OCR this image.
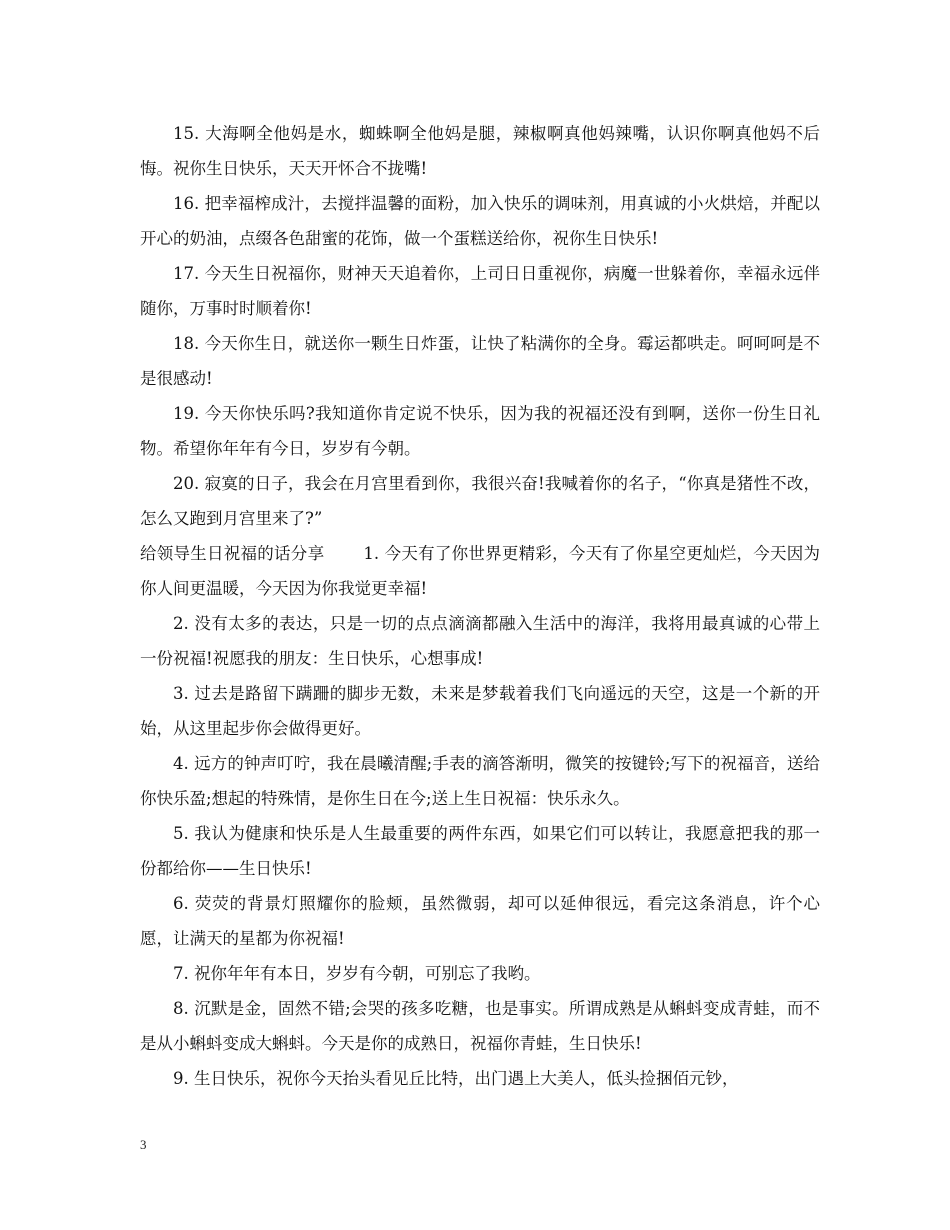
15. 大海啊全他妈是水，蜘蛛啊全他妈是腿，辣椒啊真他妈辣嘴，认识你啊真他妈不后悔。祝你生日快乐，天天开怀合不拢嘴!

16. 把幸福榨成汁，去搅拌温馨的面粉，加入快乐的调味剂，用真诚的小火烘焙，并配以开心的奶油，点缀各色甜蜜的花饰，做一个蛋糕送给你，祝你生日快乐!

17. 今天生日祝福你，财神天天追着你，上司日日重视你，病魔一世躲着你，幸福永远伴随你，万事时时顺着你!

18. 今天你生日，就送你一颗生日炸蛋，让快了粘满你的全身。霉运都哄走。呵呵呵是不是很感动!

19. 今天你快乐吗?我知道你肯定说不快乐，因为我的祝福还没有到啊，送你一份生日礼物。希望你年年有今日，岁岁有今朝。

20. 寂寞的日子，我会在月宫里看到你，我很兴奋!我喊着你的名子，“你真是猪性不改，怎么又跑到月宫里来了?”

给领导生日祝福的话分享　　 1. 今天有了你世界更精彩，今天有了你星空更灿烂，今天因为你人间更温暖，今天因为你我觉更幸福!

2. 没有太多的表达，只是一切的点点滴滴都融入生活中的海洋，我将用最真诚的心带上一份祝福!祝愿我的朋友：生日快乐，心想事成!

3. 过去是路留下蹒跚的脚步无数，未来是梦载着我们飞向遥远的天空，这是一个新的开始，从这里起步你会做得更好。

4. 远方的钟声叮咛，我在晨曦清醒;手表的滴答渐明，微笑的按键铃;写下的祝福音，送给你快乐盈;想起的特殊情，是你生日在今;送上生日祝福：快乐永久。

5. 我认为健康和快乐是人生最重要的两件东西，如果它们可以转让，我愿意把我的那一份都给你——生日快乐!

6. 荧荧的背景灯照耀你的脸颊，虽然微弱，却可以延伸很远，看完这条消息，许个心愿，让满天的星都为你祝福!

7. 祝你年年有本日，岁岁有今朝，可别忘了我哟。

8. 沉默是金，固然不错;会哭的孩多吃糖，也是事实。所谓成熟是从蝌蚪变成青蛙，而不是从小蝌蚪变成大蝌蚪。今天是你的成熟日，祝福你青蛙，生日快乐!

9. 生日快乐，祝你今天抬头看见丘比特，出门遇上大美人，低头捡捆佰元钞，

3
